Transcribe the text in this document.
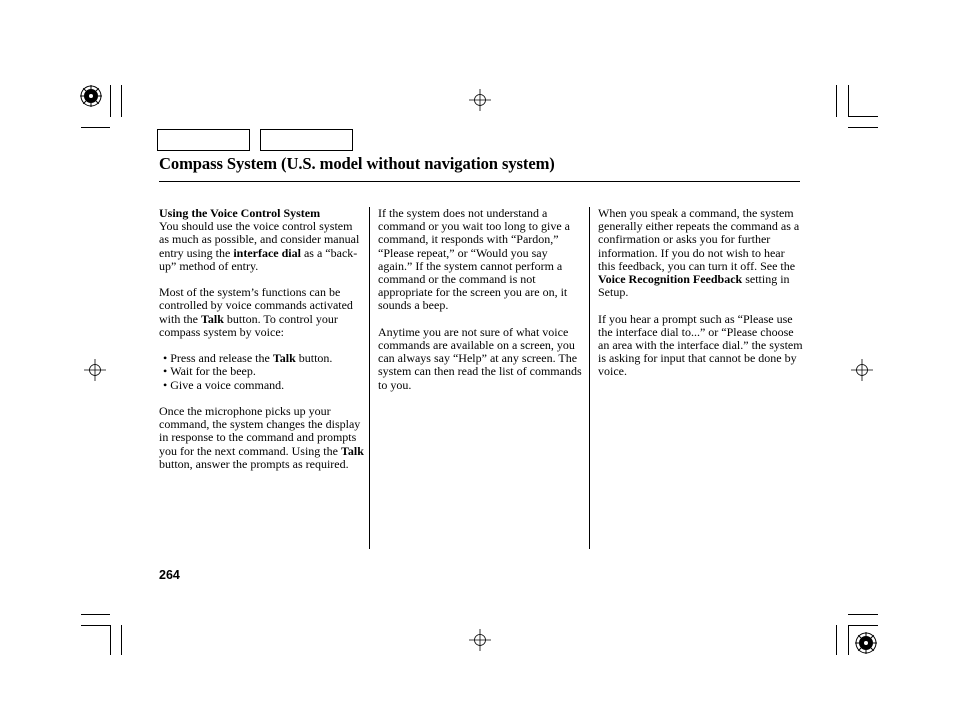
Compass System (U.S. model without navigation system)
Using the Voice Control System

You should use the voice control system as much as possible, and consider manual entry using the interface dial as a “back-up” method of entry.

Most of the system’s functions can be controlled by voice commands activated with the Talk button. To control your compass system by voice:

• Press and release the Talk button.
• Wait for the beep.
• Give a voice command.

Once the microphone picks up your command, the system changes the display in response to the command and prompts you for the next command. Using the Talk button, answer the prompts as required.

If the system does not understand a command or you wait too long to give a command, it responds with “Pardon,” “Please repeat,” or “Would you say again.” If the system cannot perform a command or the command is not appropriate for the screen you are on, it sounds a beep.

Anytime you are not sure of what voice commands are available on a screen, you can always say “Help” at any screen. The system can then read the list of commands to you.

When you speak a command, the system generally either repeats the command as a confirmation or asks you for further information. If you do not wish to hear this feedback, you can turn it off. See the Voice Recognition Feedback setting in Setup.

If you hear a prompt such as “Please use the interface dial to...” or “Please choose an area with the interface dial.” the system is asking for input that cannot be done by voice.

264
